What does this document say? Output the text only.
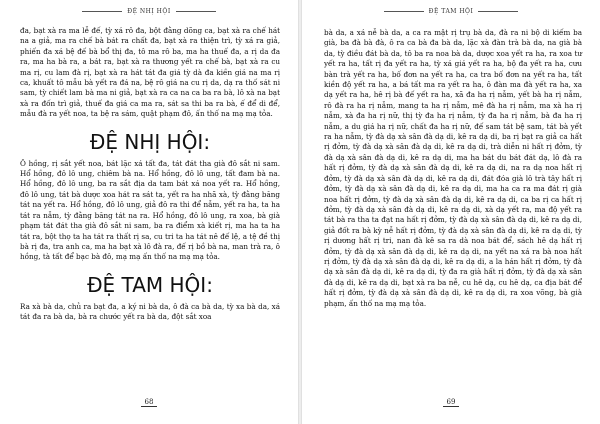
ĐỆ NHỊ HỘI

đa, bạt xà ra ma lễ đế, tỳ xá rô đa, bột đằng dõng ca, bạt xà ra chế hát na a giả, ma ra chế bà bát ra chất đa, bạt xà ra thiện trì, tỳ xá ra giả, phiến đa xá bệ đế bà bổ thị đa, tô ma rô ba, ma ha thuế đa, a rị da đa ra, ma ha bà ra, a bát ra, bạt xà ra thương yết ra chế bà, bạt xà ra cu ma rị, cu lam đà rị, bạt xà ra hát tát đa giá tỳ dà đa kiền giá na ma rị ca, khuất tô mẫu bà yết ra đá na, bệ rô giá na cu rị da, dạ ra thố sát ni sam, tỳ chiết lam bà ma ni giả, bạt xà ra ca na ca ba ra bà, lô xà na bạt xà ra đốn trì giả, thuế đa giá ca ma ra, sát sa thi ba ra bà, ế để di để, mẫu đà ra yết noa, ta bệ ra sám, quật phạm đô, ấn thố na mạ mạ tỏa.

ĐỆ NHỊ HỘI:

Ô hồng, rị sắt yết noa, bát lặc xá tất đa, tát đát tha già đô sắt ni sam. Hổ hồng, đô lô ung, chiêm bà na. Hổ hồng, đô lô ung, tất đam bà na. Hổ hồng, đô lô ung, ba ra sắt địa da tam bát xá noa yết ra. Hổ hồng, đô lô ung, tát bà dược xoa hát ra sát ta, yết ra ha nhã xà, tỳ đằng băng tát na yết ra. Hổ hồng, đô lô ung, giả đô ra thi để nẫm, yết ra ha, ta ha tát ra nẫm, tỳ đằng băng tát na ra. Hổ hồng, đô lô ung, ra xoa, bà già phạm tát đát tha già đô sắt ni sam, ba ra điểm xà kiết rị, ma ha ta ha tát ra, bột thọ ta ha tát ra thất rị sa, cu tri ta ha tát nê đế lệ, a tệ đề thị bà rị đa, tra anh ca, ma ha bạt xà lô đà ra, đế rị bồ bà na, man trà ra, ô hồng, tà tất để bạc bà đô, mạ mạ ấn thố na mạ mạ tỏa.

ĐỆ TAM HỘI:

Ra xà bà da, chủ ra bạt đa, a ký ni bà da, ô đà ca bà da, tỳ xa bà da, xá tát đa ra bà da, bà ra chước yết ra bà da, đột sắt xoa

68
ĐỆ TAM HỘI

bà da, a xá nễ bà da, a ca ra mật rị trụ bà da, đà ra ni bộ di kiếm ba già, ba đà bà đà, ô ra ca bà đa bà da, lặc xà đàn trà bà da, na già bà da, tỳ điều đát bà da, tô ba ra noa bà da, dược xoa yết ra ha, ra xoa tư yết ra ha, tất rị đa yết ra ha, tỳ xá giá yết ra ha, bộ đa yết ra ha, cưu bàn trà yết ra ha, bố đơn na yết ra ha, ca tra bố đơn na yết ra ha, tất kiền độ yết ra ha, a bá tất ma ra yết ra ha, ô đàn ma đà yết ra ha, xa dạ yết ra ha, hê rị bà đế yết ra ha, xã đa ha rị nẫm, yết bà ha rị nẫm, rô đà ra ha rị nẫm, mang ta ha rị nẫm, mê đà ha rị nẫm, ma xà ha rị nẫm, xà đa ha rị nữ, thị tỳ đa ha rị nẫm, tỳ đa ha rị nẫm, bà đa ha rị nẫm, a du giá ha rị nữ, chất đa ha rị nữ, đế sam tát bệ sam, tát bà yết ra ha nẫm, tỳ đà dạ xà sân đà dạ di, kê ra dạ di, ba rị bạt ra giả ca hất rị đởm, tỳ đà dạ xà sân đà dạ di, kê ra dạ di, trà diễn ni hất rị đởm, tỳ đà dạ xà sân đà dạ di, kê ra dạ di, ma ha bát du bát đát dạ, lô đà ra hất rị đởm, tỳ đà dạ xà sân đà dạ di, kê ra dạ di, na ra dạ noa hất rị đởm, tỳ đà dạ xà sân đà dạ di, kê ra dạ di, đát đóa già lô trà tây hất rị đởm, tỳ đà dạ xà sân đà dạ di, kê ra dạ di, ma ha ca ra ma đát rị già noa hất rị đởm, tỳ đà dạ xà sân đà dạ di, kê ra dạ di, ca ba rị ca hất rị đởm, tỳ đà dạ xà sân đà dạ di, kê ra dạ di, xà dạ yết ra, ma độ yết ra tát bà ra tha ta đạt na hất rị đởm, tỳ đà dạ xà sân đà dạ di, kê ra dạ di, giả đốt ra bà kỳ nễ hất rị đởm, tỳ đà dạ xà sân đà dạ di, kê ra dạ di, tỳ rị dương hất rị tri, nan đà kê sa ra dà noa bát để, sách hê dạ hất rị đởm, tỳ đà dạ xà sân đà dạ di, kê ra dạ di, na yết na xá ra bà noa hất rị đởm, tỳ đà dạ xà sân đà dạ di, kê ra dạ di, a la hán hất rị đởm, tỳ đà dạ xà sân đà dạ di, kê ra dạ di, tỳ đa ra già hất rị đởm, tỳ đà dạ xà sân đà dạ di, kê ra dạ di, bạt xà ra ba nễ, cu hê dạ, cu hê dạ, ca địa bát để hất rị đởm, tỳ đà dạ xà sân đà dạ di, kê ra dạ di, ra xoa võng, bà già phạm, ấn thố na mạ mạ tỏa.

69
